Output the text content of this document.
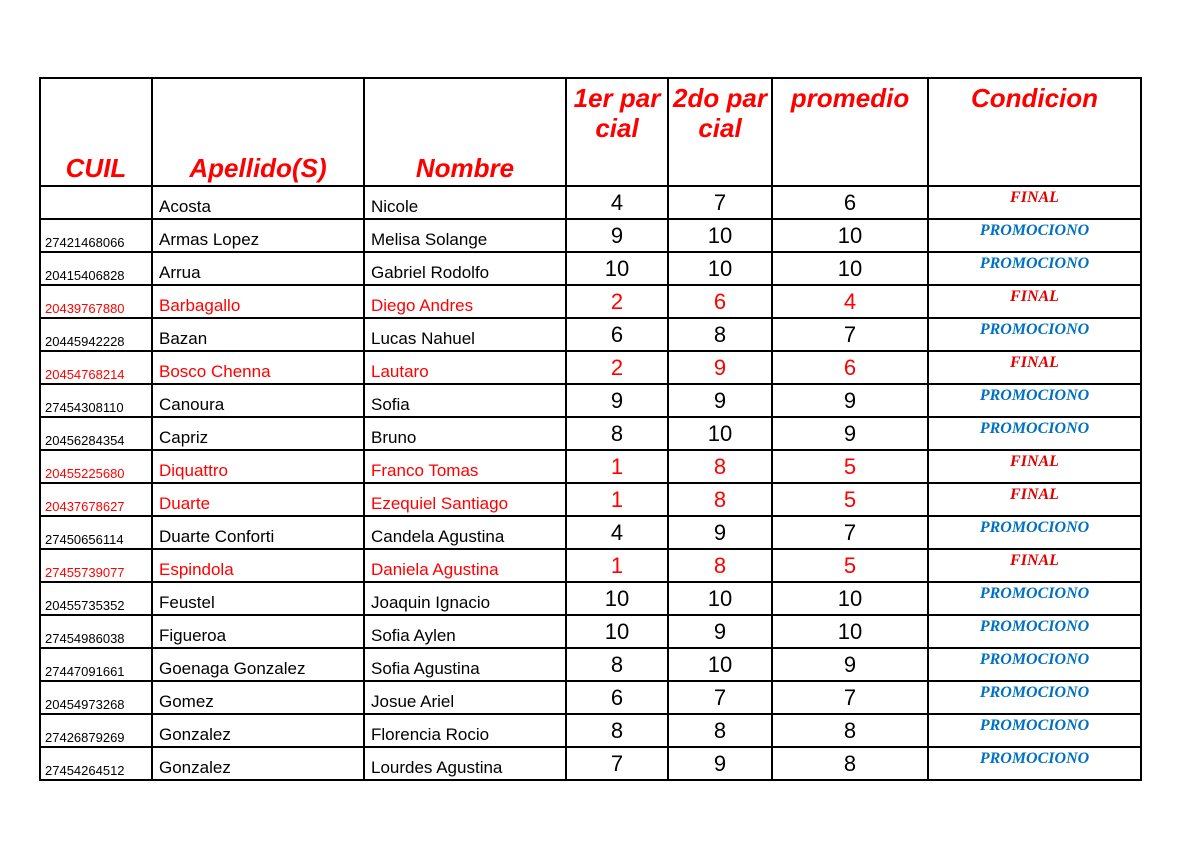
CUIL	Apellido(S)	Nombre	1er parcial	2do parcial	promedio	Condicion
	Acosta	Nicole	4	7	6	FINAL
27421468066	Armas Lopez	Melisa Solange	9	10	10	PROMOCIONO
20415406828	Arrua	Gabriel Rodolfo	10	10	10	PROMOCIONO
20439767880	Barbagallo	Diego Andres	2	6	4	FINAL
20445942228	Bazan	Lucas Nahuel	6	8	7	PROMOCIONO
20454768214	Bosco Chenna	Lautaro	2	9	6	FINAL
27454308110	Canoura	Sofia	9	9	9	PROMOCIONO
20456284354	Capriz	Bruno	8	10	9	PROMOCIONO
20455225680	Diquattro	Franco Tomas	1	8	5	FINAL
20437678627	Duarte	Ezequiel Santiago	1	8	5	FINAL
27450656114	Duarte Conforti	Candela Agustina	4	9	7	PROMOCIONO
27455739077	Espindola	Daniela Agustina	1	8	5	FINAL
20455735352	Feustel	Joaquin Ignacio	10	10	10	PROMOCIONO
27454986038	Figueroa	Sofia Aylen	10	9	10	PROMOCIONO
27447091661	Goenaga Gonzalez	Sofia Agustina	8	10	9	PROMOCIONO
20454973268	Gomez	Josue Ariel	6	7	7	PROMOCIONO
27426879269	Gonzalez	Florencia Rocio	8	8	8	PROMOCIONO
27454264512	Gonzalez	Lourdes Agustina	7	9	8	PROMOCIONO
